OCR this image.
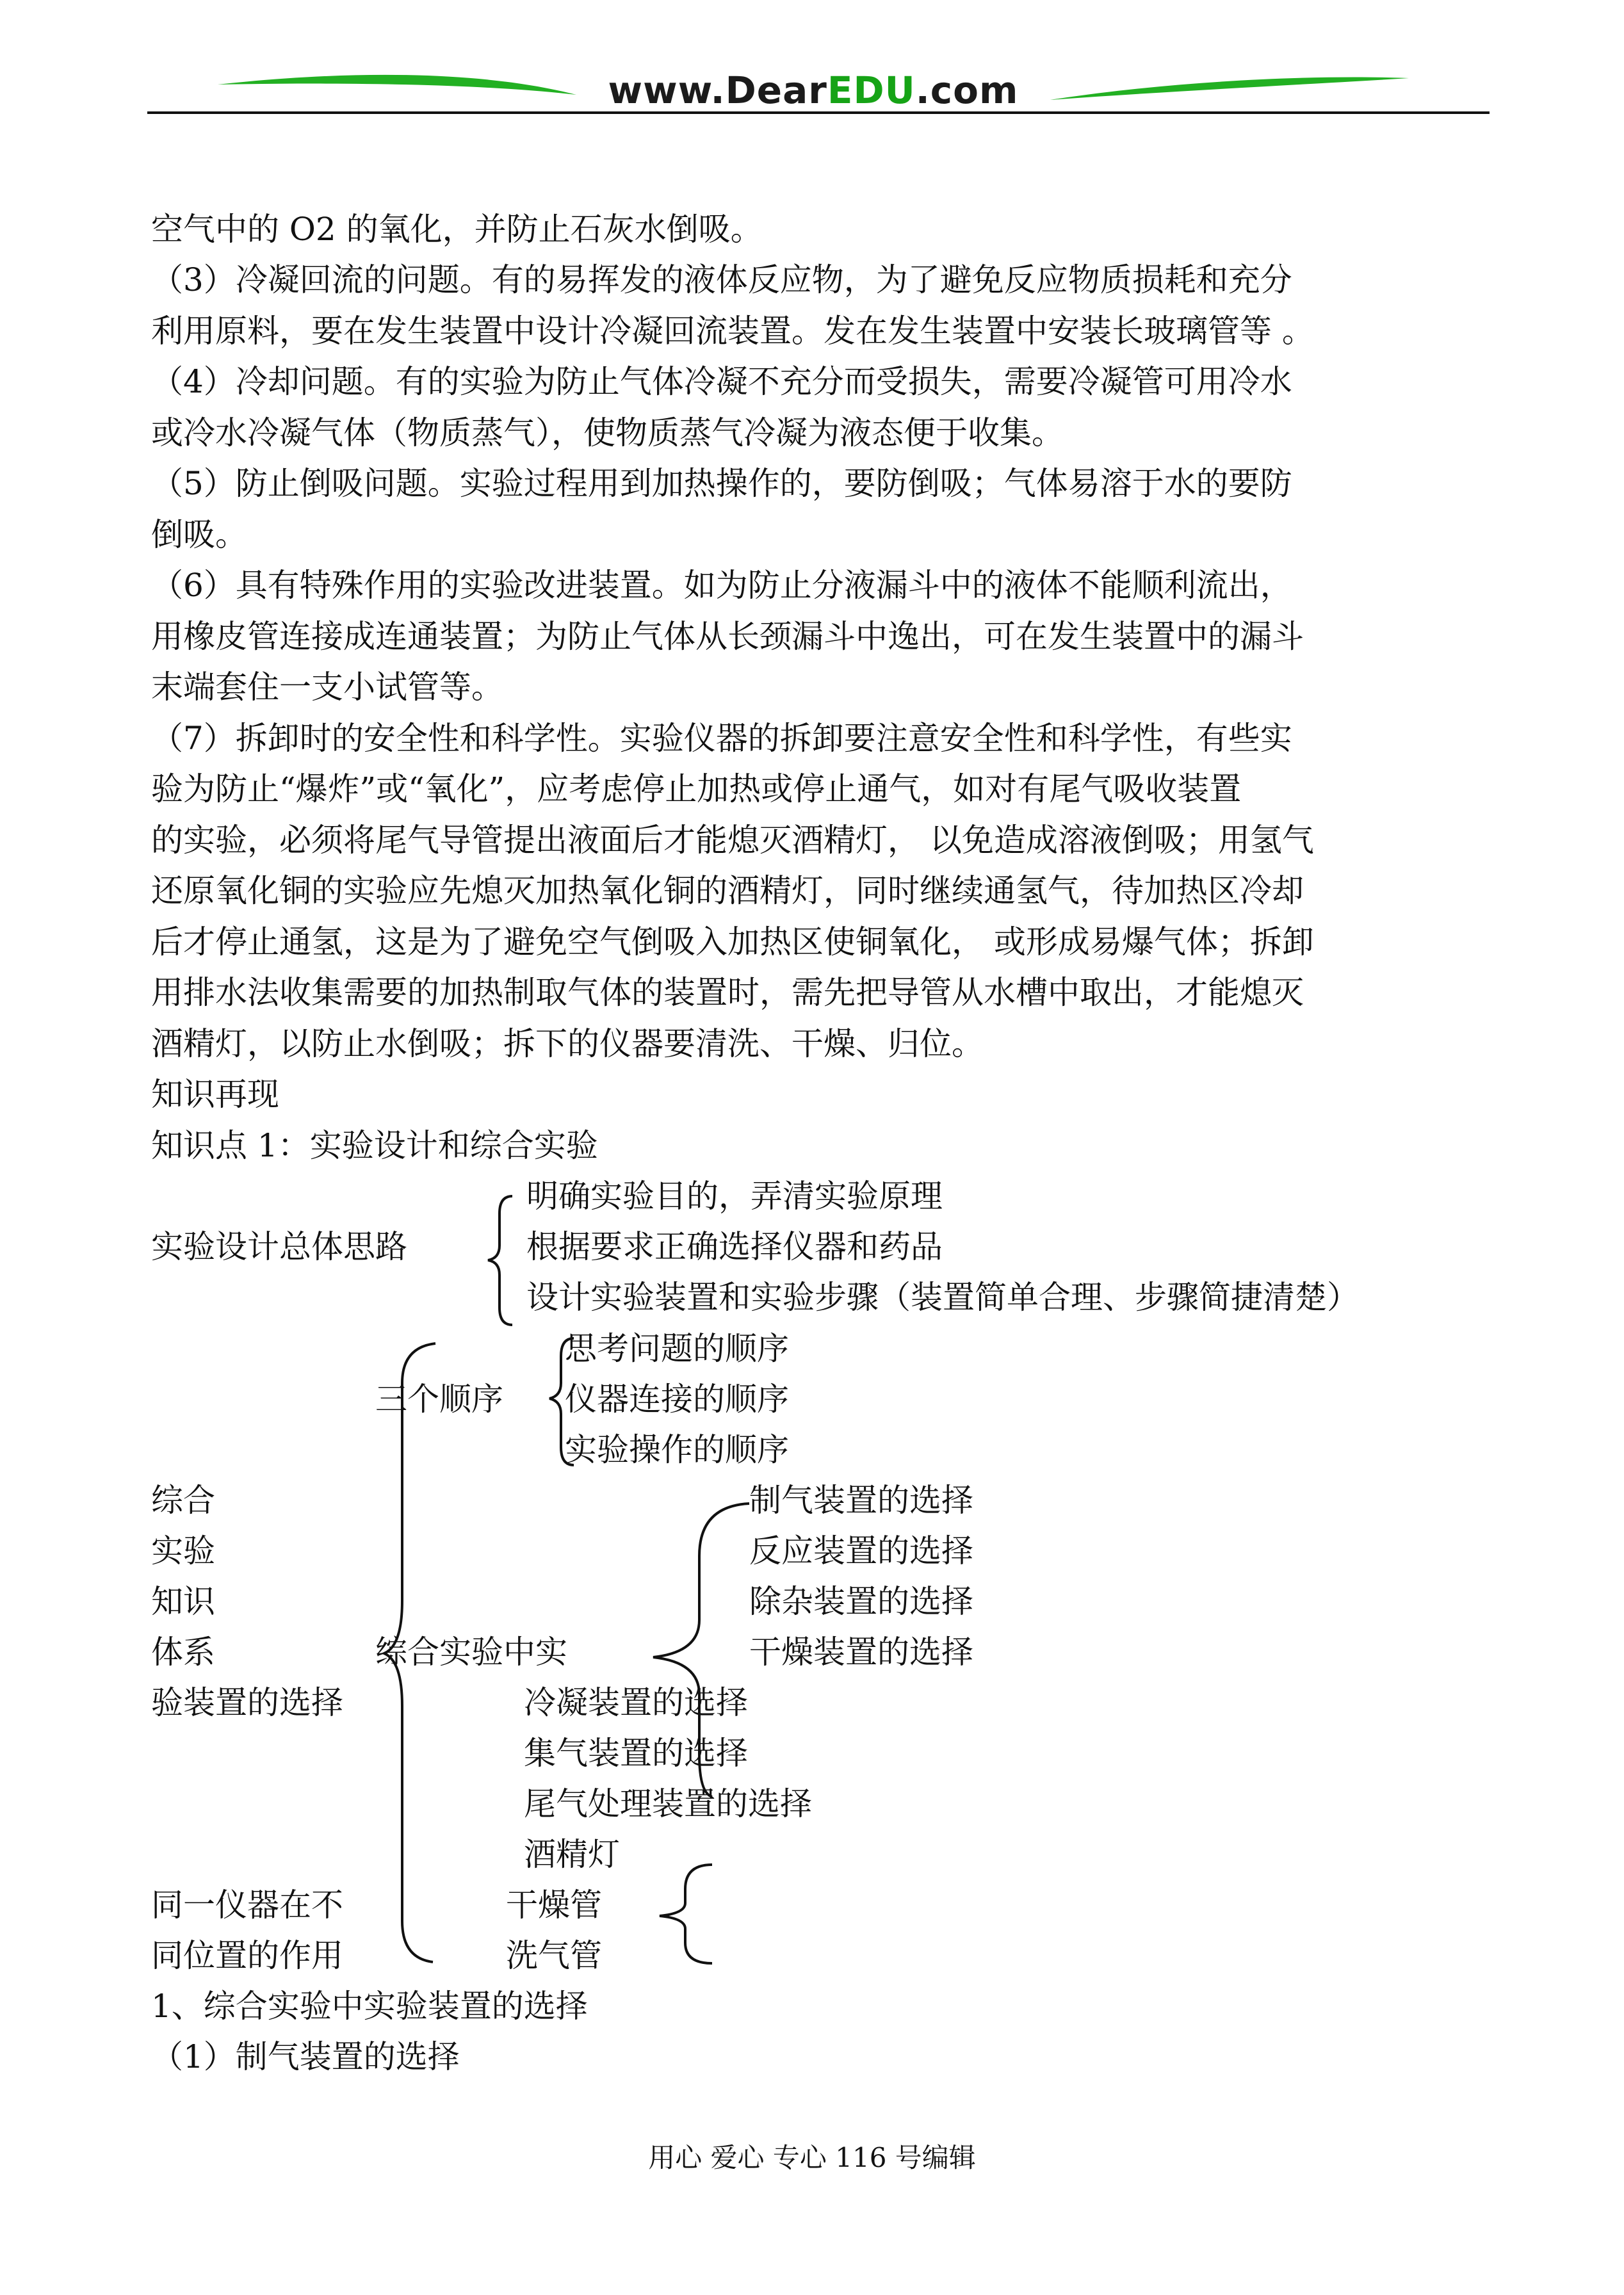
www.DearEDU.com
空气中的 O2 的氧化，并防止石灰水倒吸。
（3）冷凝回流的问题。有的易挥发的液体反应物，为了避免反应物质损耗和充分
利用原料，要在发生装置中设计冷凝回流装置。发在发生装置中安装长玻璃管等 。
（4）冷却问题。有的实验为防止气体冷凝不充分而受损失，需要冷凝管可用冷水
或冷水冷凝气体（物质蒸气），使物质蒸气冷凝为液态便于收集。
（5）防止倒吸问题。实验过程用到加热操作的，要防倒吸；气体易溶于水的要防
倒吸。
（6）具有特殊作用的实验改进装置。如为防止分液漏斗中的液体不能顺利流出，
用橡皮管连接成连通装置；为防止气体从长颈漏斗中逸出，可在发生装置中的漏斗
末端套住一支小试管等。
（7）拆卸时的安全性和科学性。实验仪器的拆卸要注意安全性和科学性，有些实
验为防止“爆炸”或“氧化”，应考虑停止加热或停止通气，如对有尾气吸收装置
的实验，必须将尾气导管提出液面后才能熄灭酒精灯， 以免造成溶液倒吸；用氢气
还原氧化铜的实验应先熄灭加热氧化铜的酒精灯，同时继续通氢气，待加热区冷却
后才停止通氢，这是为了避免空气倒吸入加热区使铜氧化， 或形成易爆气体；拆卸
用排水法收集需要的加热制取气体的装置时，需先把导管从水槽中取出，才能熄灭
酒精灯，以防止水倒吸；拆下的仪器要清洗、干燥、归位。
知识再现
知识点 1：实验设计和综合实验
实验设计总体思路
明确实验目的，弄清实验原理
根据要求正确选择仪器和药品
设计实验装置和实验步骤（装置简单合理、步骤简捷清楚）
三个顺序
思考问题的顺序
仪器连接的顺序
实验操作的顺序
综合
实验
知识
体系
验装置的选择
综合实验中实
制气装置的选择
反应装置的选择
除杂装置的选择
干燥装置的选择
冷凝装置的选择
集气装置的选择
尾气处理装置的选择
酒精灯
同一仪器在不	干燥管
同位置的作用	洗气管
1、综合实验中实验装置的选择
（1）制气装置的选择
用心 爱心 专心 116 号编辑
